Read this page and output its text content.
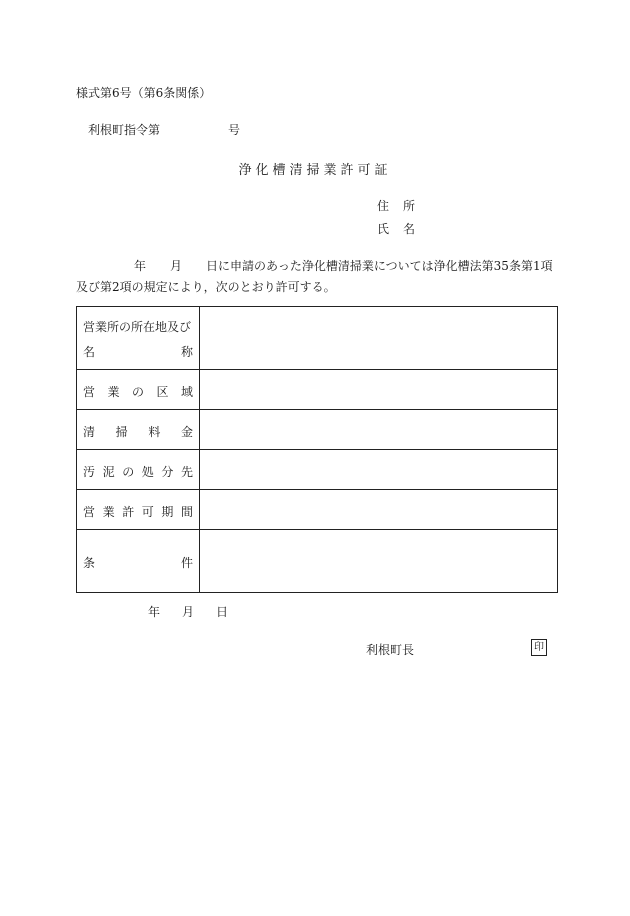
様式第6号（第6条関係）
利根町指令第	号
浄化槽清掃業許可証
住 所
氏 名
年 月 日に申請のあった浄化槽清掃業については浄化槽法第35条第1項
及び第2項の規定により，次のとおり許可する。
営業所の所在地及び
名	称
営 業 の 区 域
清 掃 料 金
汚 泥 の 処 分 先
営 業 許 可 期 間
条	件
年 月 日
利根町長	印
